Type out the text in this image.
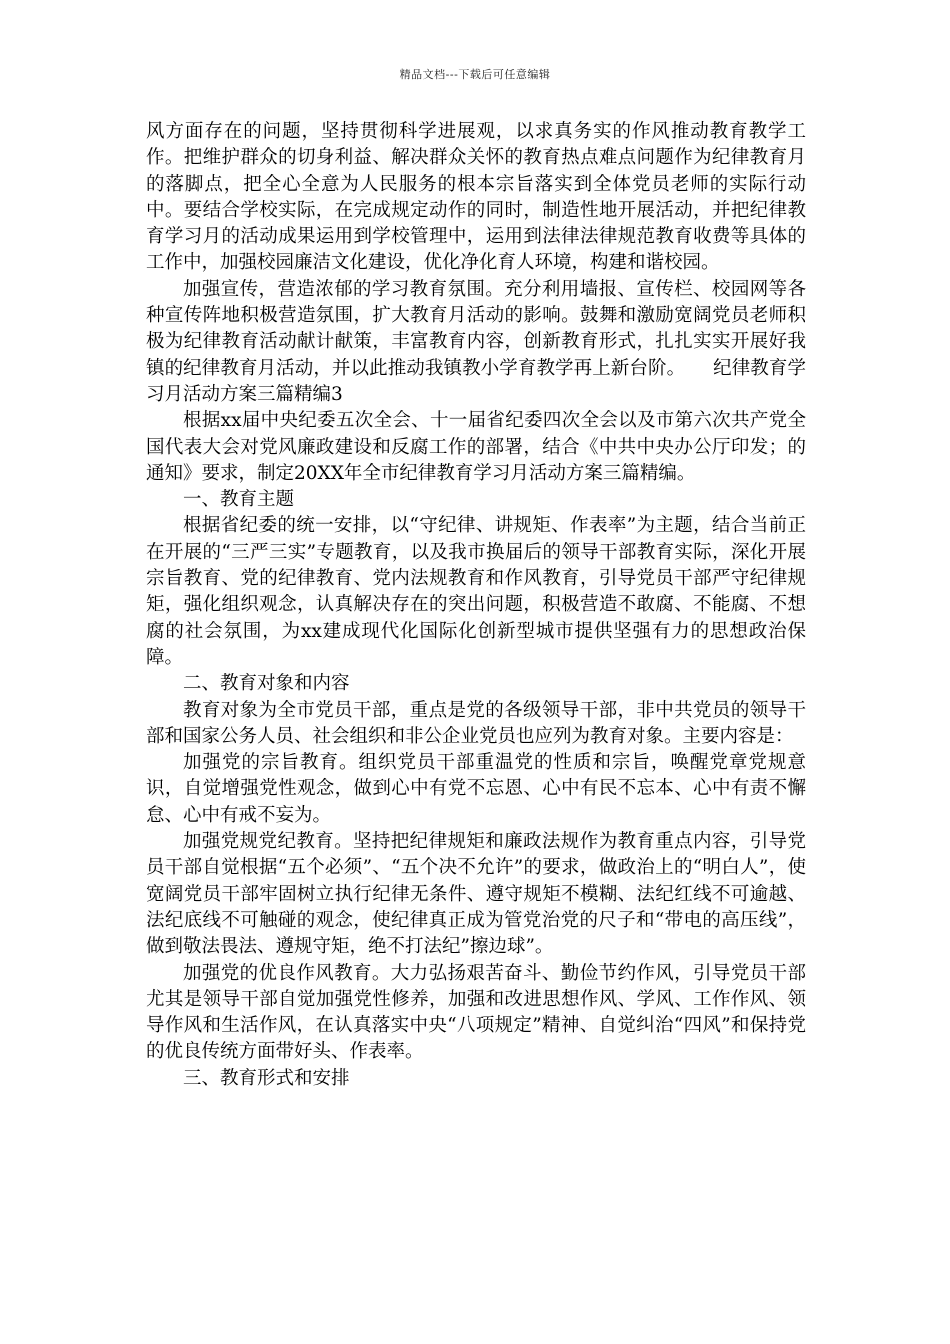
精品文档---下载后可任意编辑

风方面存在的问题，坚持贯彻科学进展观，以求真务实的作风推动教育教学工作。把维护群众的切身利益、解决群众关怀的教育热点难点问题作为纪律教育月的落脚点，把全心全意为人民服务的根本宗旨落实到全体党员老师的实际行动中。要结合学校实际，在完成规定动作的同时，制造性地开展活动，并把纪律教育学习月的活动成果运用到学校管理中，运用到法律法律规范教育收费等具体的工作中，加强校园廉洁文化建设，优化净化育人环境，构建和谐校园。

加强宣传，营造浓郁的学习教育氛围。充分利用墙报、宣传栏、校园网等各种宣传阵地积极营造氛围，扩大教育月活动的影响。鼓舞和激励宽阔党员老师积极为纪律教育活动献计献策，丰富教育内容，创新教育形式，扎扎实实开展好我镇的纪律教育月活动，并以此推动我镇教小学育教学再上新台阶。　　纪律教育学习月活动方案三篇精编3

根据xx届中央纪委五次全会、十一届省纪委四次全会以及市第六次共产党全国代表大会对党风廉政建设和反腐工作的部署，结合《中共中央办公厅印发；的通知》要求，制定20XX年全市纪律教育学习月活动方案三篇精编。

一、教育主题

根据省纪委的统一安排，以“守纪律、讲规矩、作表率”为主题，结合当前正在开展的“三严三实”专题教育，以及我市换届后的领导干部教育实际，深化开展宗旨教育、党的纪律教育、党内法规教育和作风教育，引导党员干部严守纪律规矩，强化组织观念，认真解决存在的突出问题，积极营造不敢腐、不能腐、不想腐的社会氛围，为xx建成现代化国际化创新型城市提供坚强有力的思想政治保障。

二、教育对象和内容

教育对象为全市党员干部，重点是党的各级领导干部，非中共党员的领导干部和国家公务人员、社会组织和非公企业党员也应列为教育对象。主要内容是：

加强党的宗旨教育。组织党员干部重温党的性质和宗旨，唤醒党章党规意识，自觉增强党性观念，做到心中有党不忘恩、心中有民不忘本、心中有责不懈怠、心中有戒不妄为。

加强党规党纪教育。坚持把纪律规矩和廉政法规作为教育重点内容，引导党员干部自觉根据“五个必须”、“五个决不允许”的要求，做政治上的“明白人”，使宽阔党员干部牢固树立执行纪律无条件、遵守规矩不模糊、法纪红线不可逾越、法纪底线不可触碰的观念，使纪律真正成为管党治党的尺子和“带电的高压线”，做到敬法畏法、遵规守矩，绝不打法纪”擦边球”。

加强党的优良作风教育。大力弘扬艰苦奋斗、勤俭节约作风，引导党员干部尤其是领导干部自觉加强党性修养，加强和改进思想作风、学风、工作作风、领导作风和生活作风，在认真落实中央“八项规定”精神、自觉纠治“四风”和保持党的优良传统方面带好头、作表率。

三、教育形式和安排
